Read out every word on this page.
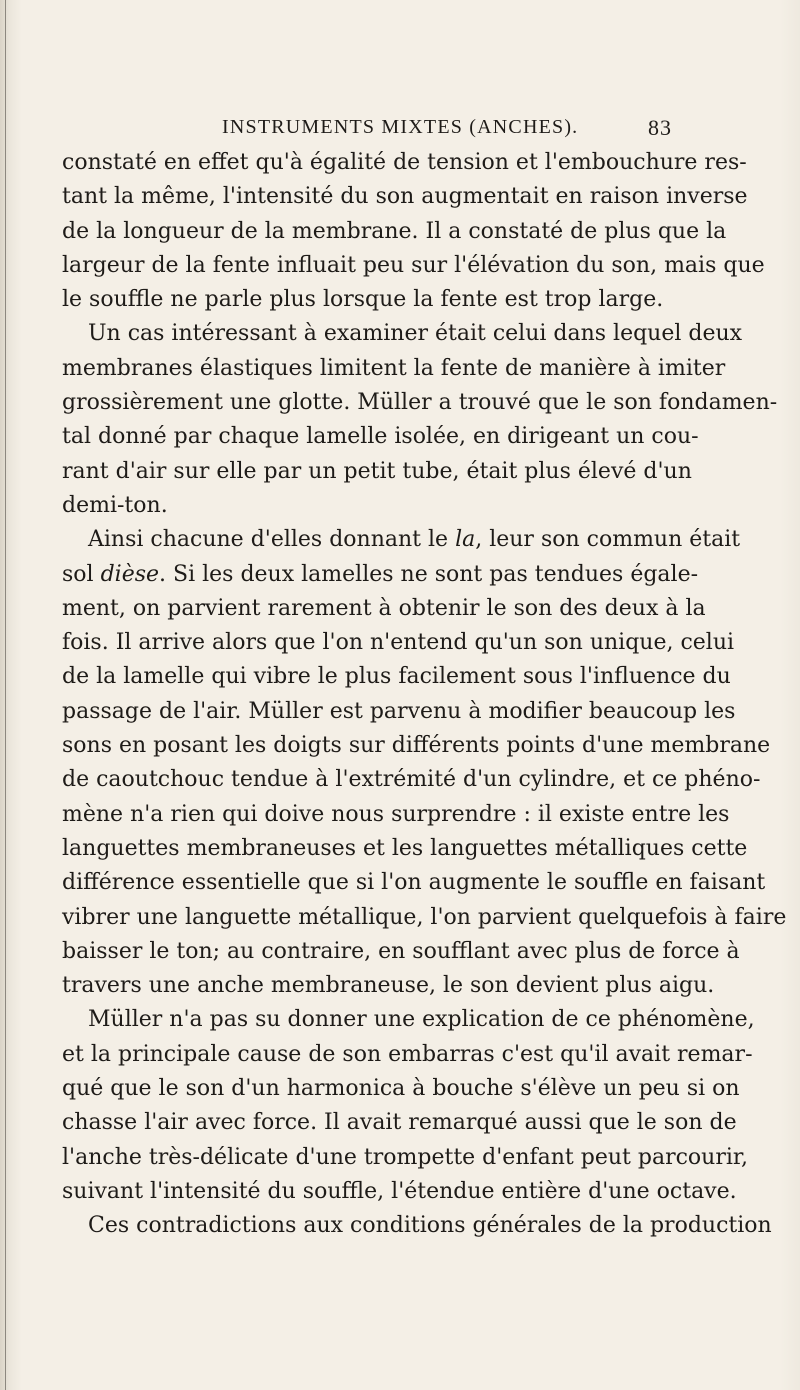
INSTRUMENTS MIXTES (ANCHES).	83
constaté en effet qu'à égalité de tension et l'embouchure res-
tant la même, l'intensité du son augmentait en raison inverse
de la longueur de la membrane. Il a constaté de plus que la
largeur de la fente influait peu sur l'élévation du son, mais que
le souffle ne parle plus lorsque la fente est trop large.
Un cas intéressant à examiner était celui dans lequel deux
membranes élastiques limitent la fente de manière à imiter
grossièrement une glotte. Müller a trouvé que le son fondamen-
tal donné par chaque lamelle isolée, en dirigeant un cou-
rant d'air sur elle par un petit tube, était plus élevé d'un
demi-ton.
Ainsi chacune d'elles donnant le la, leur son commun était
sol dièse. Si les deux lamelles ne sont pas tendues égale-
ment, on parvient rarement à obtenir le son des deux à la
fois. Il arrive alors que l'on n'entend qu'un son unique, celui
de la lamelle qui vibre le plus facilement sous l'influence du
passage de l'air. Müller est parvenu à modifier beaucoup les
sons en posant les doigts sur différents points d'une membrane
de caoutchouc tendue à l'extrémité d'un cylindre, et ce phéno-
mène n'a rien qui doive nous surprendre : il existe entre les
languettes membraneuses et les languettes métalliques cette
différence essentielle que si l'on augmente le souffle en faisant
vibrer une languette métallique, l'on parvient quelquefois à faire
baisser le ton; au contraire, en soufflant avec plus de force à
travers une anche membraneuse, le son devient plus aigu.
Müller n'a pas su donner une explication de ce phénomène,
et la principale cause de son embarras c'est qu'il avait remar-
qué que le son d'un harmonica à bouche s'élève un peu si on
chasse l'air avec force. Il avait remarqué aussi que le son de
l'anche très-délicate d'une trompette d'enfant peut parcourir,
suivant l'intensité du souffle, l'étendue entière d'une octave.
Ces contradictions aux conditions générales de la production
